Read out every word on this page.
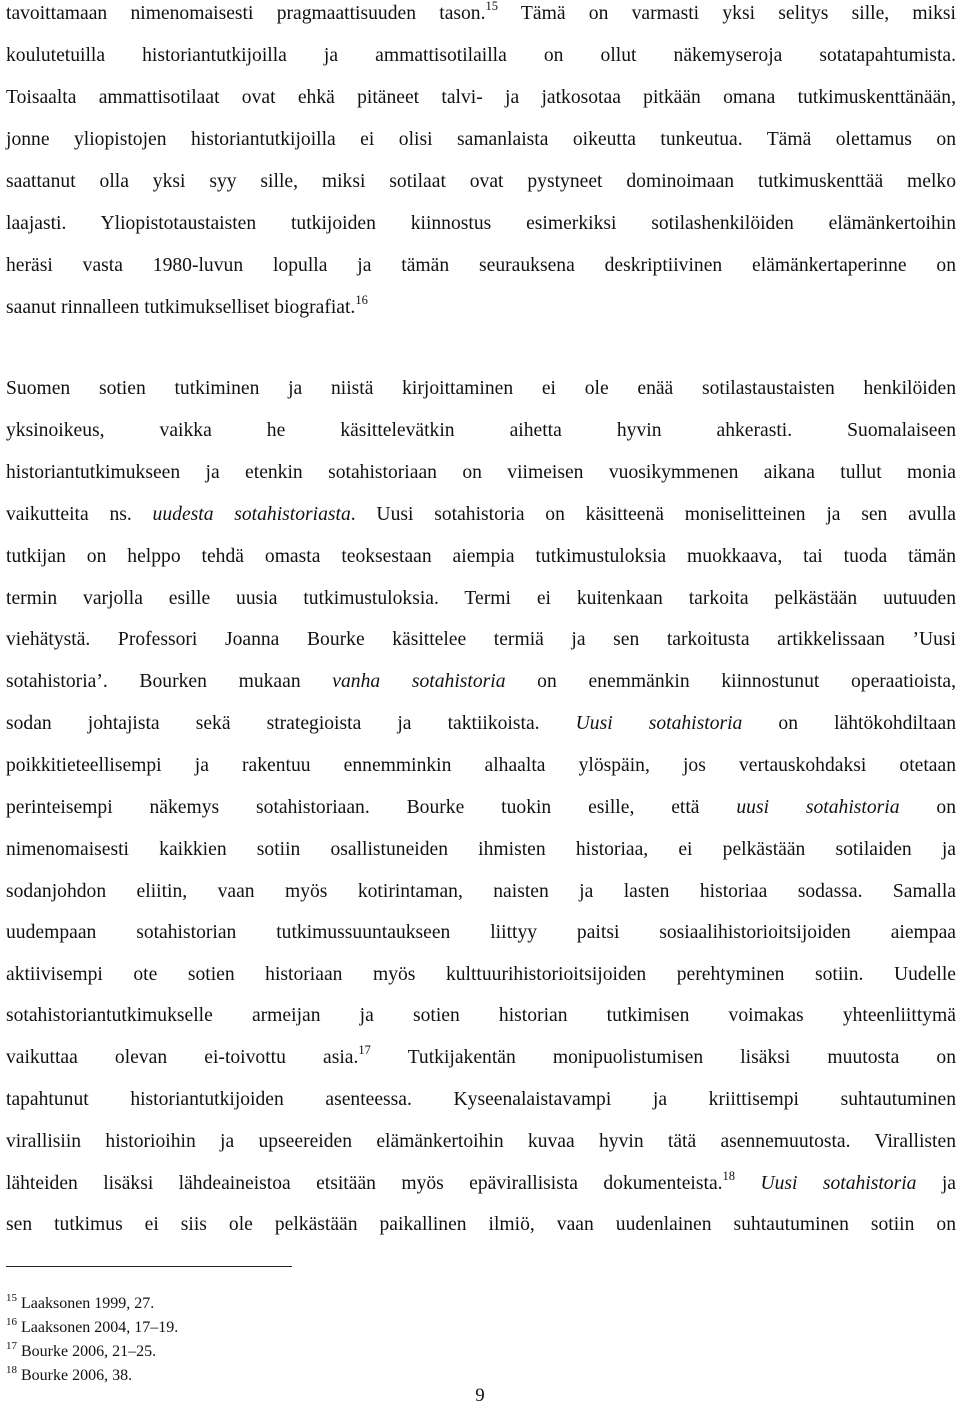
tavoittamaan nimenomaisesti pragmaattisuuden tason.$^{15}$ Tämä on varmasti yksi selitys sille, miksi
koulutetuilla historiantutkijoilla ja ammattisotilailla on ollut näkemyseroja sotatapahtumista.
Toisaalta ammattisotilaat ovat ehkä pitäneet talvi- ja jatkosotaa pitkään omana tutkimuskenttänään,
jonne yliopistojen historiantutkijoilla ei olisi samanlaista oikeutta tunkeutua. Tämä olettamus on
saattanut olla yksi syy sille, miksi sotilaat ovat pystyneet dominoimaan tutkimuskenttää melko
laajasti. Yliopistotaustaisten tutkijoiden kiinnostus esimerkiksi sotilashenkilöiden elämänkertoihin
heräsi vasta 1980-luvun lopulla ja tämän seurauksena deskriptiivinen elämänkertaperinne on
saanut rinnalleen tutkimukselliset biografiat.$^{16}$
Suomen sotien tutkiminen ja niistä kirjoittaminen ei ole enää sotilastaustaisten henkilöiden
yksinoikeus, vaikka he käsittelevätkin aihetta hyvin ahkerasti. Suomalaiseen
historiantutkimukseen ja etenkin sotahistoriaan on viimeisen vuosikymmenen aikana tullut monia
vaikutteita ns. uudesta sotahistoriasta. Uusi sotahistoria on käsitteenä moniselitteinen ja sen avulla
tutkijan on helppo tehdä omasta teoksestaan aiempia tutkimustuloksia muokkaava, tai tuoda tämän
termin varjolla esille uusia tutkimustuloksia. Termi ei kuitenkaan tarkoita pelkästään uutuuden
viehätystä. Professori Joanna Bourke käsittelee termiä ja sen tarkoitusta artikkelissaan ’Uusi
sotahistoria’. Bourken mukaan vanha sotahistoria on enemmänkin kiinnostunut operaatioista,
sodan johtajista sekä strategioista ja taktiikoista. Uusi sotahistoria on lähtökohdiltaan
poikkitieteellisempi ja rakentuu ennemminkin alhaalta ylöspäin, jos vertauskohdaksi otetaan
perinteisempi näkemys sotahistoriaan. Bourke tuokin esille, että uusi sotahistoria on
nimenomaisesti kaikkien sotiin osallistuneiden ihmisten historiaa, ei pelkästään sotilaiden ja
sodanjohdon eliitin, vaan myös kotirintaman, naisten ja lasten historiaa sodassa. Samalla
uudempaan sotahistorian tutkimussuuntaukseen liittyy paitsi sosiaalihistorioitsijoiden aiempaa
aktiivisempi ote sotien historiaan myös kulttuurihistorioitsijoiden perehtyminen sotiin. Uudelle
sotahistoriantutkimukselle armeijan ja sotien historian tutkimisen voimakas yhteenliittymä
vaikuttaa olevan ei-toivottu asia.$^{17}$ Tutkijakentän monipuolistumisen lisäksi muutosta on
tapahtunut historiantutkijoiden asenteessa. Kyseenalaistavampi ja kriittisempi suhtautuminen
virallisiin historioihin ja upseereiden elämänkertoihin kuvaa hyvin tätä asennemuutosta. Virallisten
lähteiden lisäksi lähdeaineistoa etsitään myös epävirallisista dokumenteista.$^{18}$ Uusi sotahistoria ja
sen tutkimus ei siis ole pelkästään paikallinen ilmiö, vaan uudenlainen suhtautuminen sotiin on
$^{15}$ Laaksonen 1999, 27.
$^{16}$ Laaksonen 2004, 17–19.
$^{17}$ Bourke 2006, 21–25.
$^{18}$ Bourke 2006, 38.
9
